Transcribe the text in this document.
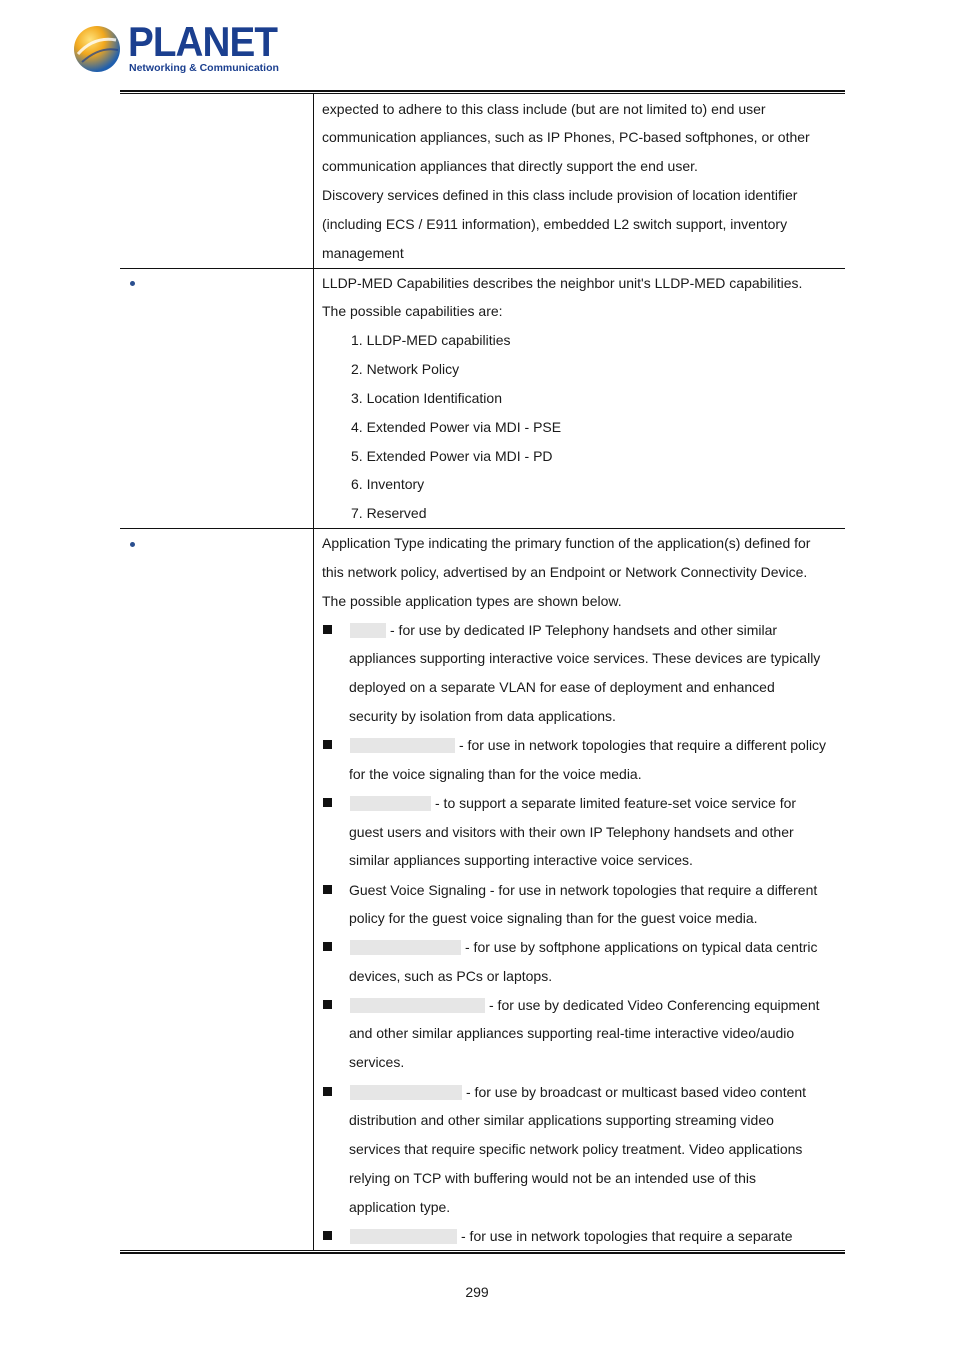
PLANET
Networking & Communication
expected to adhere to this class include (but are not limited to) end user
communication appliances, such as IP Phones, PC-based softphones, or other
communication appliances that directly support the end user.
Discovery services defined in this class include provision of location identifier
(including ECS / E911 information), embedded L2 switch support, inventory
management
LLDP-MED Capabilities describes the neighbor unit's LLDP-MED capabilities.
The possible capabilities are:
1. LLDP-MED capabilities
2. Network Policy
3. Location Identification
4. Extended Power via MDI - PSE
5. Extended Power via MDI - PD
6. Inventory
7. Reserved
Application Type indicating the primary function of the application(s) defined for
this network policy, advertised by an Endpoint or Network Connectivity Device.
The possible application types are shown below.
- for use by dedicated IP Telephony handsets and other similar
appliances supporting interactive voice services. These devices are typically
deployed on a separate VLAN for ease of deployment and enhanced
security by isolation from data applications.
- for use in network topologies that require a different policy
for the voice signaling than for the voice media.
- to support a separate limited feature-set voice service for
guest users and visitors with their own IP Telephony handsets and other
similar appliances supporting interactive voice services.
Guest Voice Signaling - for use in network topologies that require a different
policy for the guest voice signaling than for the guest voice media.
- for use by softphone applications on typical data centric
devices, such as PCs or laptops.
- for use by dedicated Video Conferencing equipment
and other similar appliances supporting real-time interactive video/audio
services.
- for use by broadcast or multicast based video content
distribution and other similar applications supporting streaming video
services that require specific network policy treatment. Video applications
relying on TCP with buffering would not be an intended use of this
application type.
- for use in network topologies that require a separate
299
